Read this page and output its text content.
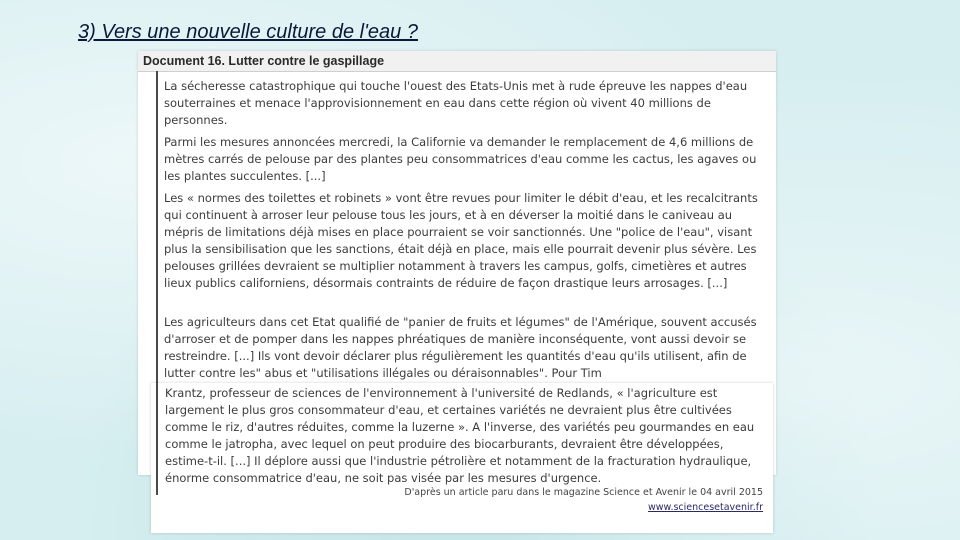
3) Vers une nouvelle culture de l'eau ?
Document 16. Lutter contre le gaspillage

La sécheresse catastrophique qui touche l'ouest des Etats-Unis met à rude épreuve les nappes d'eau souterraines et menace l'approvisionnement en eau dans cette région où vivent 40 millions de personnes.

Parmi les mesures annoncées mercredi, la Californie va demander le remplacement de 4,6 millions de mètres carrés de pelouse par des plantes peu consommatrices d'eau comme les cactus, les agaves ou les plantes succulentes. [...]

Les « normes des toilettes et robinets » vont être revues pour limiter le débit d'eau, et les recalcitrants qui continuent à arroser leur pelouse tous les jours, et à en déverser la moitié dans le caniveau au mépris de limitations déjà mises en place pourraient se voir sanctionnés. Une "police de l'eau", visant plus la sensibilisation que les sanctions, était déjà en place, mais elle pourrait devenir plus sévère. Les pelouses grillées devraient se multiplier notamment à travers les campus, golfs, cimetières et autres lieux publics californiens, désormais contraints de réduire de façon drastique leurs arrosages. [...]

Les agriculteurs dans cet Etat qualifié de "panier de fruits et légumes" de l'Amérique, souvent accusés d'arroser et de pomper dans les nappes phréatiques de manière inconséquente, vont aussi devoir se restreindre. [...] Ils vont devoir déclarer plus régulièrement les quantités d'eau qu'ils utilisent, afin de lutter contre les" abus et "utilisations illégales ou déraisonnables". Pour Tim

Krantz, professeur de sciences de l'environnement à l'université de Redlands, « l'agriculture est largement le plus gros consommateur d'eau, et certaines variétés ne devraient plus être cultivées comme le riz, d'autres réduites, comme la luzerne ». A l'inverse, des variétés peu gourmandes en eau comme le jatropha, avec lequel on peut produire des biocarburants, devraient être développées, estime-t-il. [...] Il déplore aussi que l'industrie pétrolière et notamment de la fracturation hydraulique, énorme consommatrice d'eau, ne soit pas visée par les mesures d'urgence.

D'après un article paru dans le magazine Science et Avenir le 04 avril 2015
www.sciencesetavenir.fr
